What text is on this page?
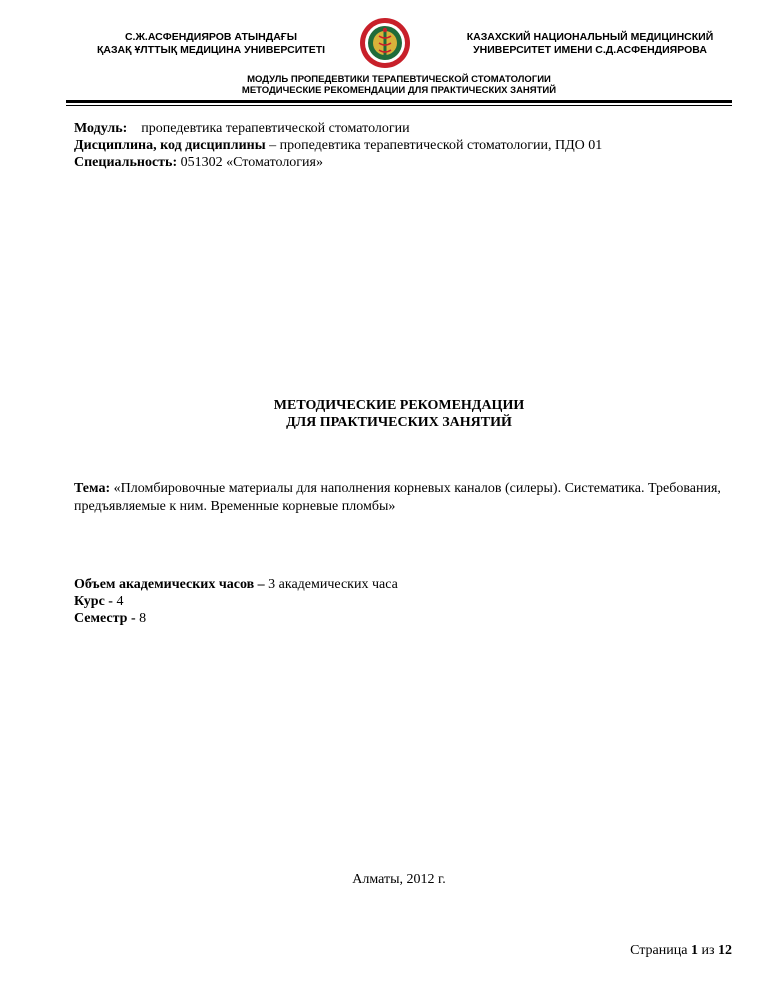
С.Ж.АСФЕНДИЯРОВ АТЫНДАҒЫ
ҚАЗАҚ ҰЛТТЫҚ МЕДИЦИНА УНИВЕРСИТЕТІ
КАЗАХСКИЙ НАЦИОНАЛЬНЫЙ МЕДИЦИНСКИЙ
УНИВЕРСИТЕТ ИМЕНИ С.Д.АСФЕНДИЯРОВА
МОДУЛЬ ПРОПЕДЕВТИКИ ТЕРАПЕВТИЧЕСКОЙ СТОМАТОЛОГИИ
МЕТОДИЧЕСКИЕ РЕКОМЕНДАЦИИ ДЛЯ ПРАКТИЧЕСКИХ ЗАНЯТИЙ
Модуль: пропедевтика терапевтической стоматологии
Дисциплина, код дисциплины – пропедевтика терапевтической стоматологии, ПДО 01
Специальность: 051302 «Стоматология»
МЕТОДИЧЕСКИЕ РЕКОМЕНДАЦИИ
ДЛЯ ПРАКТИЧЕСКИХ ЗАНЯТИЙ
Тема: «Пломбировочные материалы для наполнения корневых каналов (силеры). Систематика. Требования, предъявляемые к ним. Временные корневые пломбы»
Объем академических часов – 3 академических часа
Курс - 4
Семестр - 8
Алматы, 2012 г.
Страница 1 из 12
